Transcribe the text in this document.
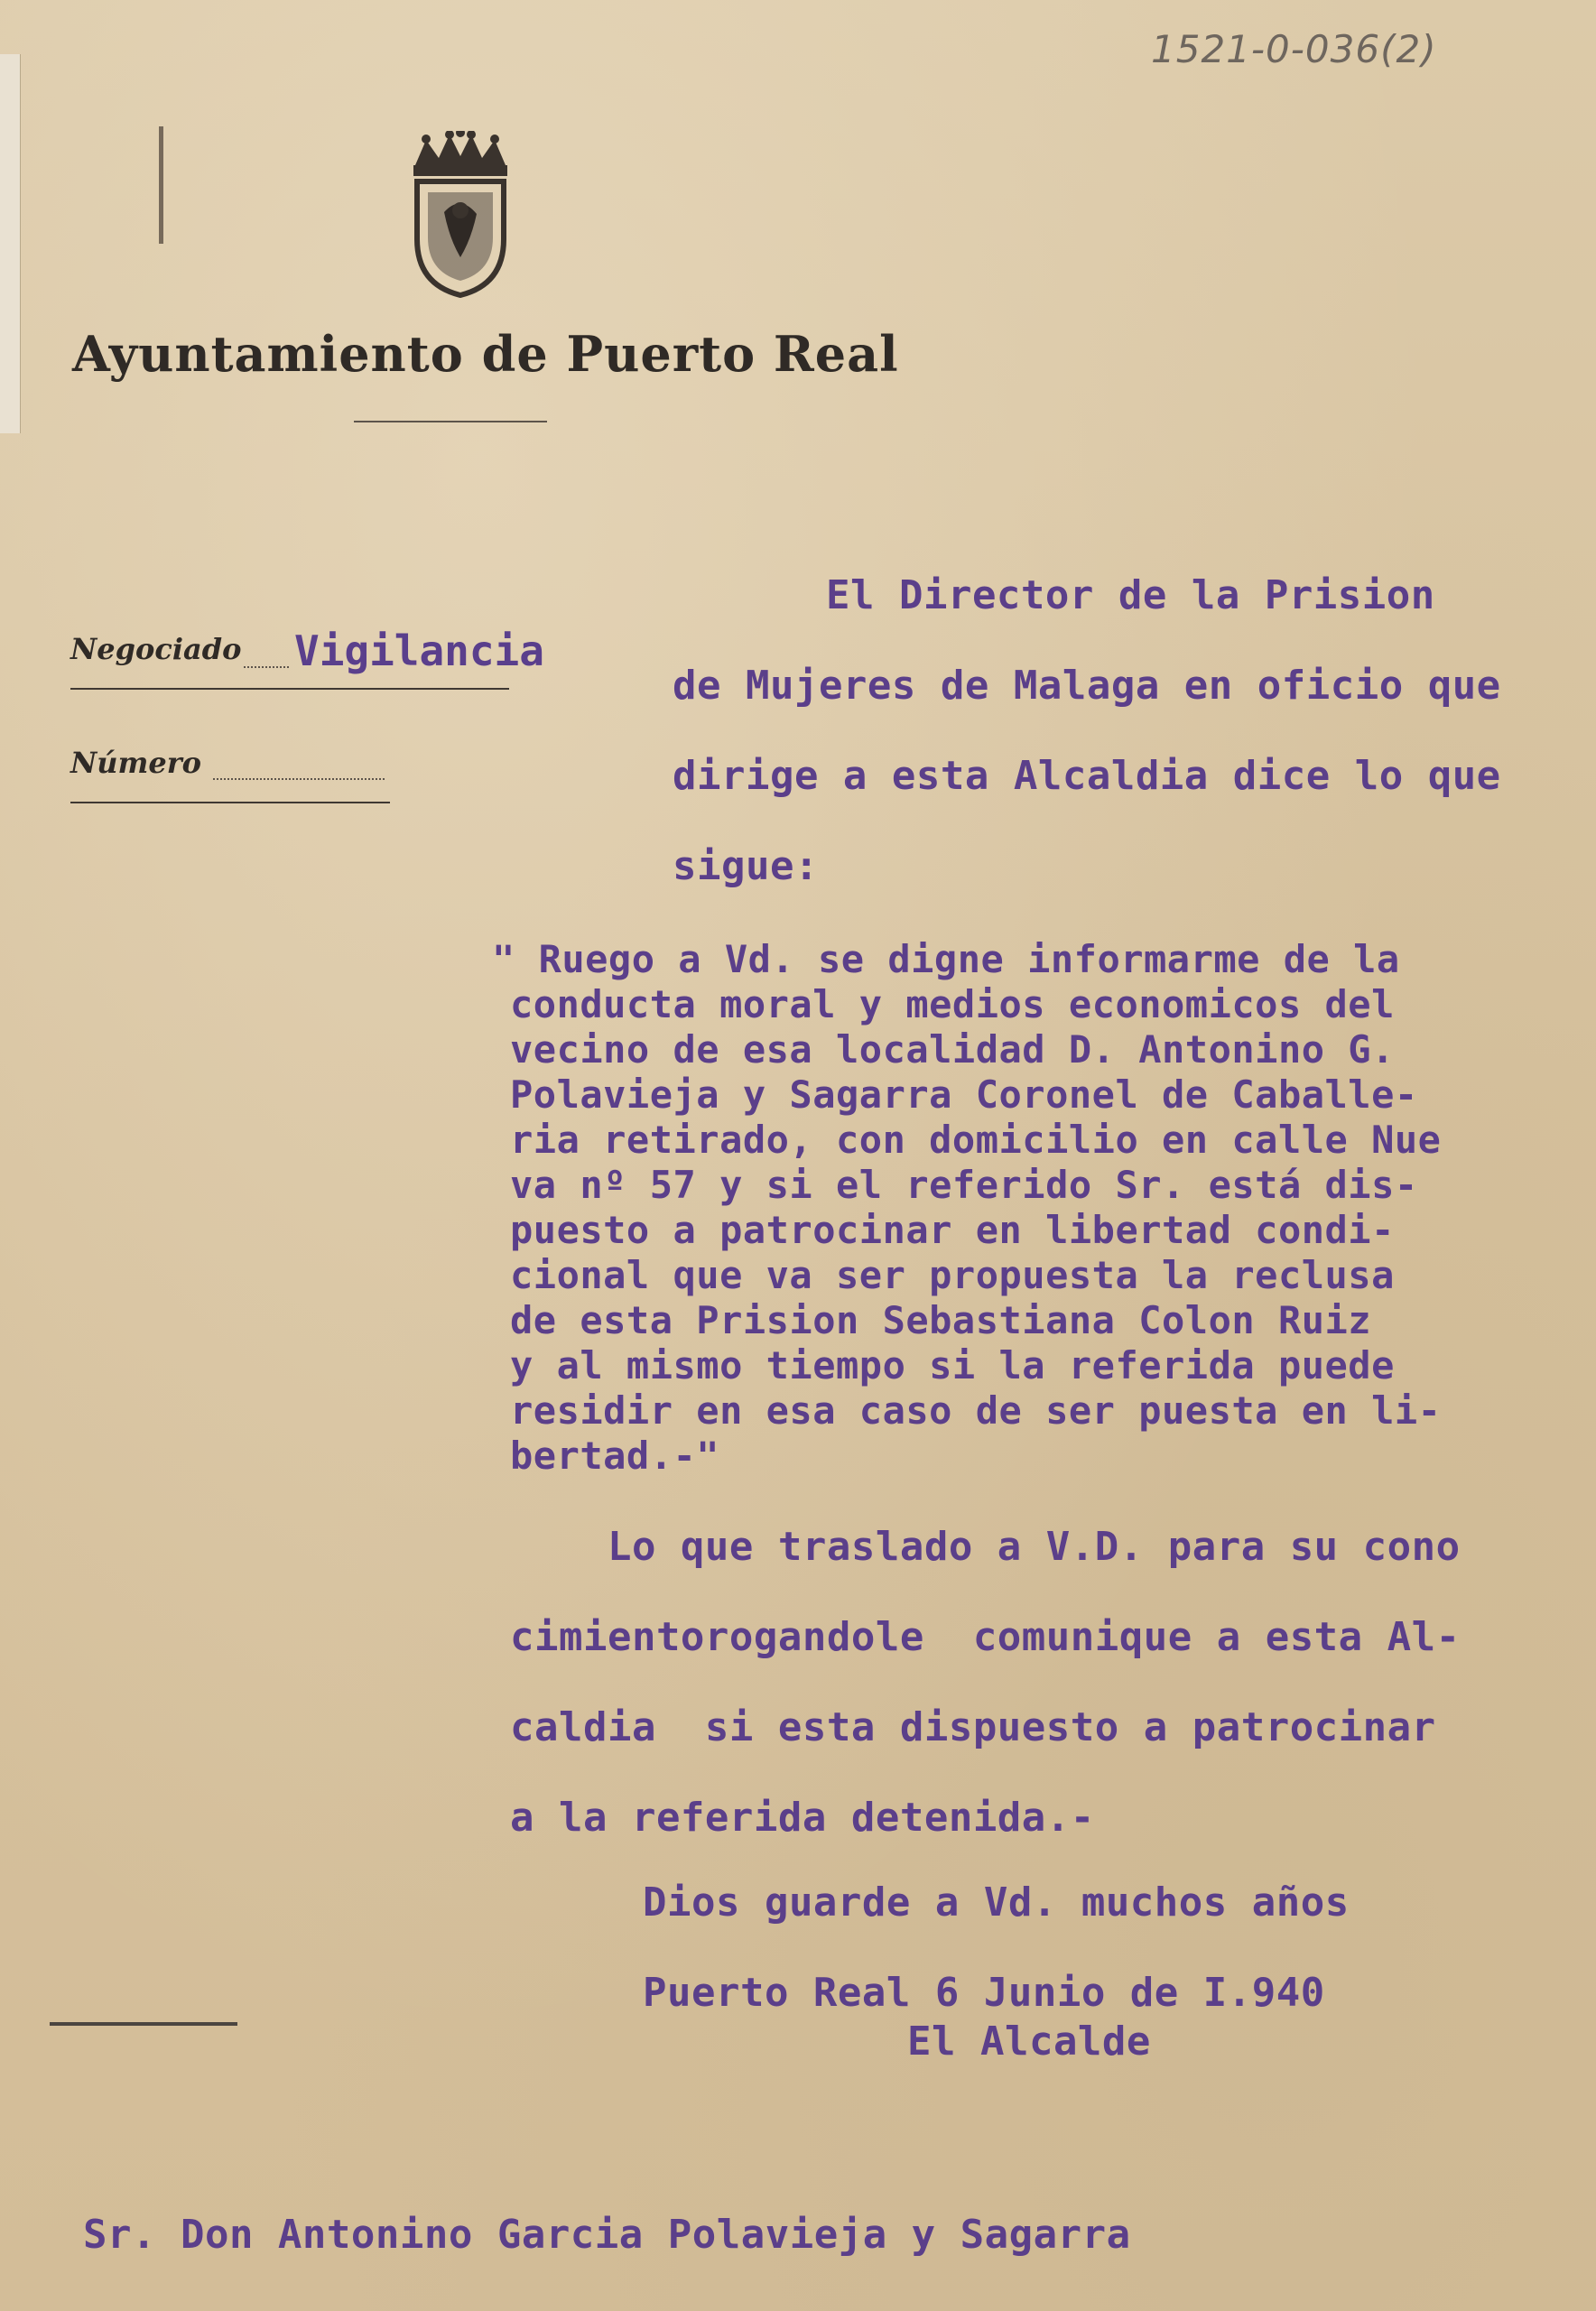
1521-0-036(2)
Ayuntamiento de Puerto Real
Negociado Vigilancia
Número
El Director de la Prision
de Mujeres de Malaga en oficio que
dirige a esta Alcaldia dice lo que
sigue:
" Ruego a Vd. se digne informarme de la
conducta moral y medios economicos del
vecino de esa localidad D. Antonino G.
Polavieja y Sagarra Coronel de Caballe-
ria retirado, con domicilio en calle Nue
va nº 57 y si el referido Sr. está dis-
puesto a patrocinar en libertad condi-
cional que va ser propuesta la reclusa
de esta Prision Sebastiana Colon Ruiz
y al mismo tiempo si la referida puede
residir en esa caso de ser puesta en li-
bertad.-"
Lo que traslado a V.D. para su cono
cimientorogandole  comunique a esta Al-
caldia  si esta dispuesto a patrocinar
a la referida detenida.-
Dios guarde a Vd. muchos años
Puerto Real 6 Junio de I.940
El Alcalde
Sr. Don Antonino Garcia Polavieja y Sagarra
